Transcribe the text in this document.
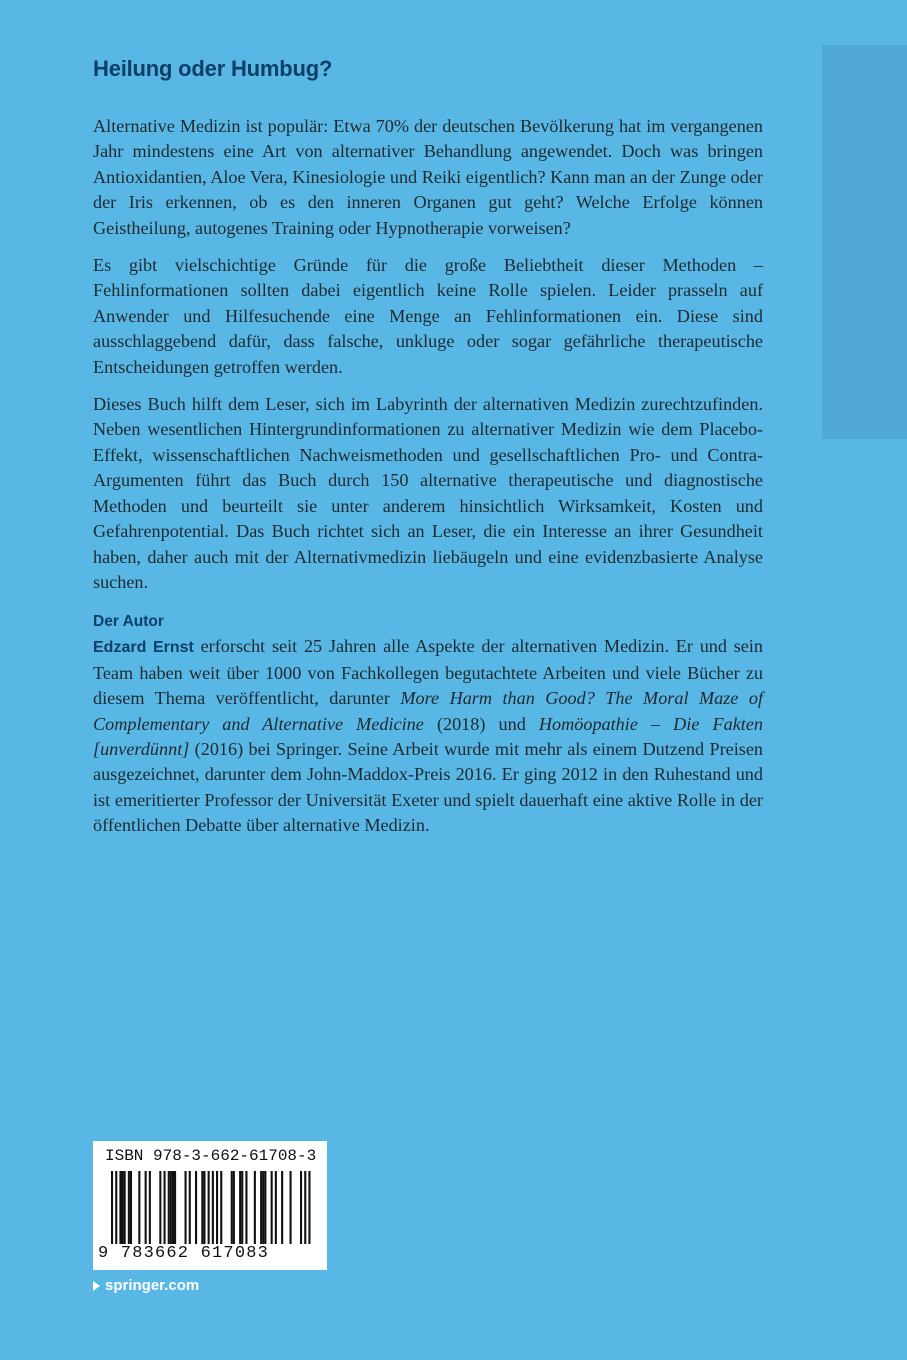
Heilung oder Humbug?

Alternative Medizin ist populär: Etwa 70% der deutschen Bevölkerung hat im vergangenen Jahr mindestens eine Art von alternativer Behandlung angewendet. Doch was bringen Antioxidantien, Aloe Vera, Kinesiologie und Reiki eigentlich? Kann man an der Zunge oder der Iris erkennen, ob es den inneren Organen gut geht? Welche Erfolge können Geistheilung, autogenes Training oder Hypnotherapie vorweisen?

Es gibt vielschichtige Gründe für die große Beliebtheit dieser Methoden – Fehlinformationen sollten dabei eigentlich keine Rolle spielen. Leider prasseln auf Anwender und Hilfesuchende eine Menge an Fehlinformationen ein. Diese sind ausschlaggebend dafür, dass falsche, unkluge oder sogar gefährliche therapeutische Entscheidungen getroffen werden.

Dieses Buch hilft dem Leser, sich im Labyrinth der alternativen Medizin zurechtzufinden. Neben wesentlichen Hintergrundinformationen zu alternativer Medizin wie dem Placebo-Effekt, wissenschaftlichen Nachweismethoden und gesellschaftlichen Pro- und Contra-Argumenten führt das Buch durch 150 alternative therapeutische und diagnostische Methoden und beurteilt sie unter anderem hinsichtlich Wirksamkeit, Kosten und Gefahrenpotential. Das Buch richtet sich an Leser, die ein Interesse an ihrer Gesundheit haben, daher auch mit der Alternativmedizin liebäugeln und eine evidenzbasierte Analyse suchen.

Der Autor

Edzard Ernst erforscht seit 25 Jahren alle Aspekte der alternativen Medizin. Er und sein Team haben weit über 1000 von Fachkollegen begutachtete Arbeiten und viele Bücher zu diesem Thema veröffentlicht, darunter More Harm than Good? The Moral Maze of Complementary and Alternative Medicine (2018) und Homöopathie – Die Fakten [unverdünnt] (2016) bei Springer. Seine Arbeit wurde mit mehr als einem Dutzend Preisen ausgezeichnet, darunter dem John-Maddox-Preis 2016. Er ging 2012 in den Ruhestand und ist emeritierter Professor der Universität Exeter und spielt dauerhaft eine aktive Rolle in der öffentlichen Debatte über alternative Medizin.

ISBN 978-3-662-61708-3
9 783662 617083
springer.com
